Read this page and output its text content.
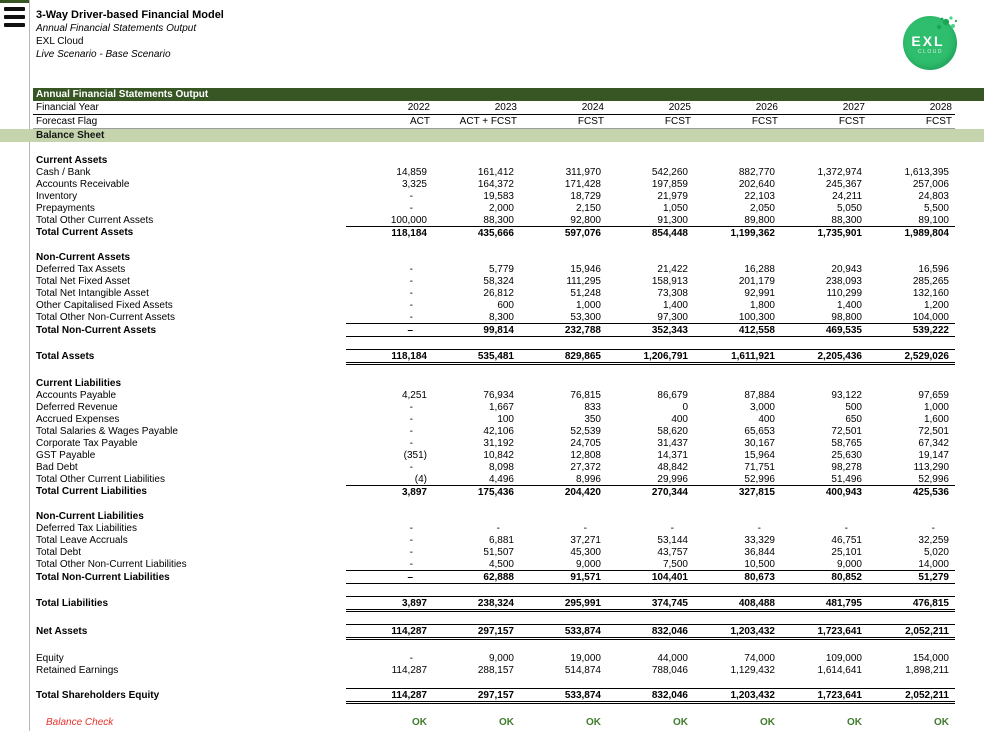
3-Way Driver-based Financial Model
Annual Financial Statements Output
EXL Cloud
Live Scenario - Base Scenario
EXL
CLOUD
Annual Financial Statements Output
Financial Year	2022	2023	2024	2025	2026	2027	2028
Forecast Flag	ACT	ACT + FCST	FCST	FCST	FCST	FCST	FCST
Balance Sheet

Current Assets							
Cash / Bank	14,859	161,412	311,970	542,260	882,770	1,372,974	1,613,395
Accounts Receivable	3,325	164,372	171,428	197,859	202,640	245,367	257,006
Inventory	-	19,583	18,729	21,979	22,103	24,211	24,803
Prepayments	-	2,000	2,150	1,050	2,050	5,050	5,500
Total Other Current Assets	100,000	88,300	92,800	91,300	89,800	88,300	89,100
Total Current Assets	118,184	435,666	597,076	854,448	1,199,362	1,735,901	1,989,804

Non-Current Assets							
Deferred Tax Assets	-	5,779	15,946	21,422	16,288	20,943	16,596
Total Net Fixed Asset	-	58,324	111,295	158,913	201,179	238,093	285,265
Total Net Intangible Asset	-	26,812	51,248	73,308	92,991	110,299	132,160
Other Capitalised Fixed Assets	-	600	1,000	1,400	1,800	1,400	1,200
Total Other Non-Current Assets	-	8,300	53,300	97,300	100,300	98,800	104,000
Total Non-Current Assets	–	99,814	232,788	352,343	412,558	469,535	539,222

Total Assets	118,184	535,481	829,865	1,206,791	1,611,921	2,205,436	2,529,026

Current Liabilities							
Accounts Payable	4,251	76,934	76,815	86,679	87,884	93,122	97,659
Deferred Revenue	-	1,667	833	0	3,000	500	1,000
Accrued Expenses	-	100	350	400	400	650	1,600
Total Salaries & Wages Payable	-	42,106	52,539	58,620	65,653	72,501	72,501
Corporate Tax Payable	-	31,192	24,705	31,437	30,167	58,765	67,342
GST Payable	(351)	10,842	12,808	14,371	15,964	25,630	19,147
Bad Debt	-	8,098	27,372	48,842	71,751	98,278	113,290
Total Other Current Liabilities	(4)	4,496	8,996	29,996	52,996	51,496	52,996
Total Current Liabilities	3,897	175,436	204,420	270,344	327,815	400,943	425,536

Non-Current Liabilities							
Deferred Tax Liabilities	-	-	-	-	-	-	-
Total Leave Accruals	-	6,881	37,271	53,144	33,329	46,751	32,259
Total Debt	-	51,507	45,300	43,757	36,844	25,101	5,020
Total Other Non-Current Liabilities	-	4,500	9,000	7,500	10,500	9,000	14,000
Total Non-Current Liabilities	–	62,888	91,571	104,401	80,673	80,852	51,279

Total Liabilities	3,897	238,324	295,991	374,745	408,488	481,795	476,815

Net Assets	114,287	297,157	533,874	832,046	1,203,432	1,723,641	2,052,211

Equity	-	9,000	19,000	44,000	74,000	109,000	154,000
Retained Earnings	114,287	288,157	514,874	788,046	1,129,432	1,614,641	1,898,211

Total Shareholders Equity	114,287	297,157	533,874	832,046	1,203,432	1,723,641	2,052,211

Balance Check	OK	OK	OK	OK	OK	OK	OK
